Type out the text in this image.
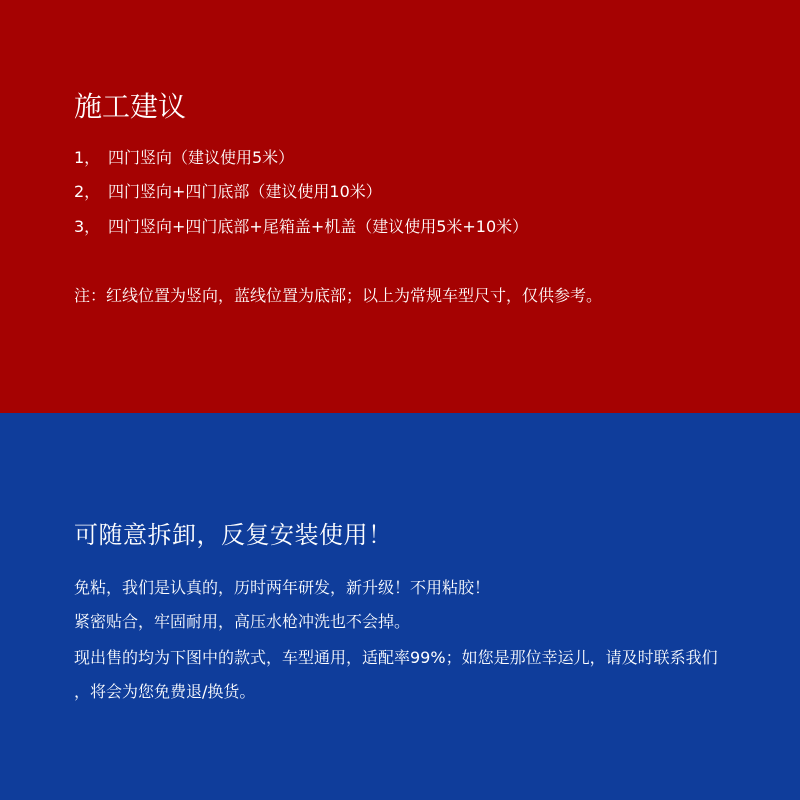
施工建议
1， 四门竖向（建议使用5米）
2， 四门竖向+四门底部（建议使用10米）
3， 四门竖向+四门底部+尾箱盖+机盖（建议使用5米+10米）
注：红线位置为竖向，蓝线位置为底部；以上为常规车型尺寸，仅供参考。
可随意拆卸，反复安装使用！
免粘，我们是认真的，历时两年研发，新升级！不用粘胶！
紧密贴合，牢固耐用，高压水枪冲洗也不会掉。
现出售的均为下图中的款式，车型通用，适配率99%；如您是那位幸运儿，请及时联系我们
，将会为您免费退/换货。
